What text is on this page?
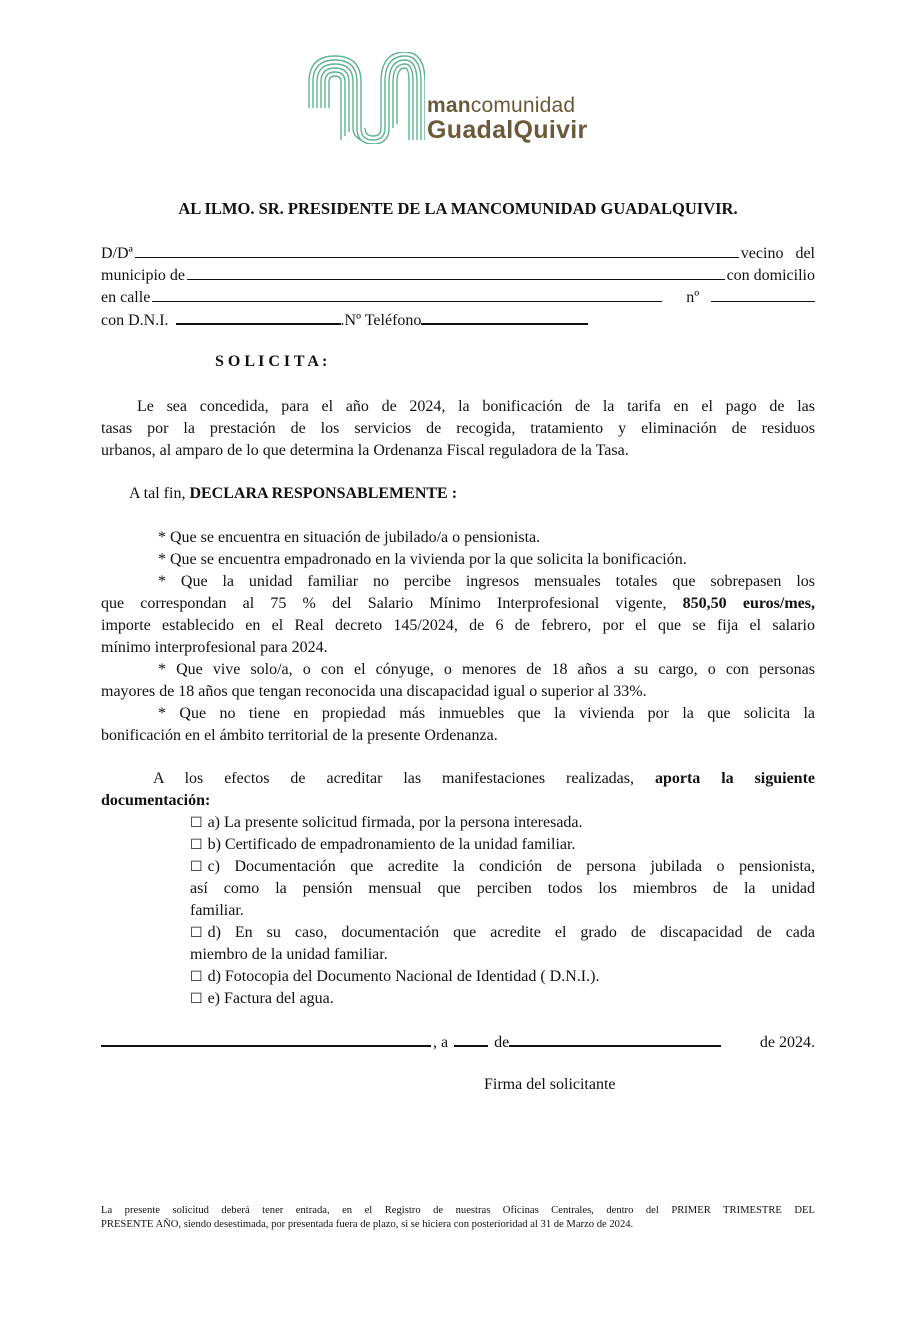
mancomunidad
GuadalQuivir
AL ILMO. SR. PRESIDENTE DE LA MANCOMUNIDAD GUADALQUIVIR.
D/Dª	vecino del
municipio de	con domicilio
en calle	nº
con D.N.I.	.Nº Teléfono
S O L I C I T A :
Le sea concedida, para el año de 2024, la bonificación de la tarifa en el pago de las
tasas por la prestación de los servicios de recogida, tratamiento y eliminación de residuos
urbanos, al amparo de lo que determina la Ordenanza Fiscal reguladora de la Tasa.
A tal fin, DECLARA RESPONSABLEMENTE :
* Que se encuentra en situación de jubilado/a o pensionista.
* Que se encuentra empadronado en la vivienda por la que solicita la bonificación.
* Que la unidad familiar no percibe ingresos mensuales totales que sobrepasen los
que correspondan al 75 % del Salario Mínimo Interprofesional vigente, 850,50 euros/mes,
importe establecido en el Real decreto 145/2024, de 6 de febrero, por el que se fija el salario
mínimo interprofesional para 2024.
* Que vive solo/a, o con el cónyuge, o menores de 18 años a su cargo, o con personas
mayores de 18 años que tengan reconocida una discapacidad igual o superior al 33%.
* Que no tiene en propiedad más inmuebles que la vivienda por la que solicita la
bonificación en el ámbito territorial de la presente Ordenanza.
A los efectos de acreditar las manifestaciones realizadas, aporta la siguiente
documentación:
☐ a) La presente solicitud firmada, por la persona interesada.
☐ b) Certificado de empadronamiento de la unidad familiar.
☐ c) Documentación que acredite la condición de persona jubilada o pensionista,
así como la pensión mensual que perciben todos los miembros de la unidad
familiar.
☐ d) En su caso, documentación que acredite el grado de discapacidad de cada
miembro de la unidad familiar.
☐ d) Fotocopia del Documento Nacional de Identidad ( D.N.I.).
☐ e) Factura del agua.
, a	de	de 2024.
Firma del solicitante
La presente solicitud deberá tener entrada, en el Registro de nuestras Oficinas Centrales, dentro del PRIMER TRIMESTRE DEL
PRESENTE AÑO, siendo desestimada, por presentada fuera de plazo, si se hiciera con posterioridad al 31 de Marzo de 2024.
